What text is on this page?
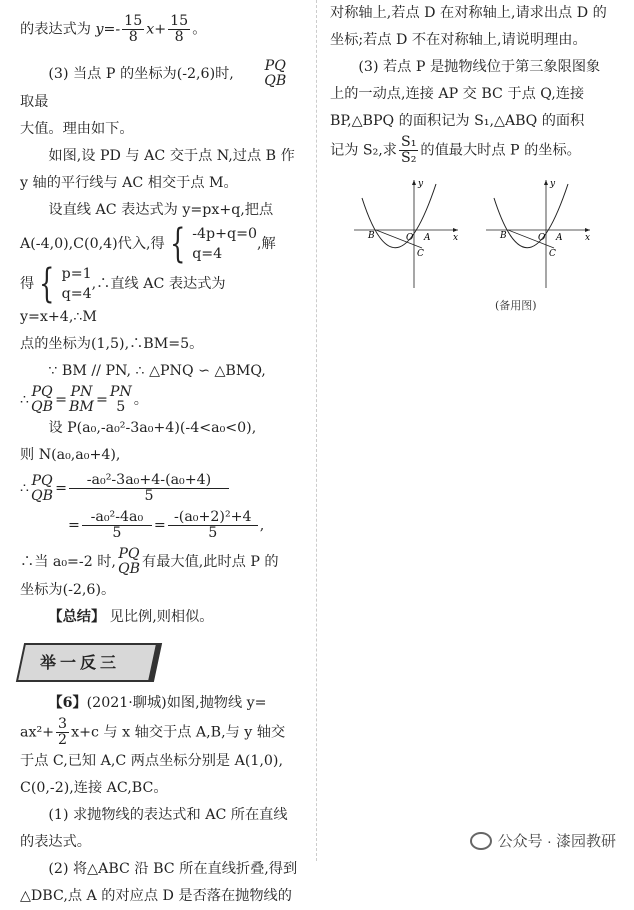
的表达式为 $y=- \frac{15}{8} x+ \frac{15}{8}$ 。

(3) 当点 P 的坐标为(-2,6)时,	PQ
QB
取最

大值。理由如下。

如图,设 PD 与 AC 交于点 N,过点 B 作

y 轴的平行线与 AC 相交于点 M。

设直线 AC 表达式为 y=px+q,把点

A(-4,0),C(0,4)代入,得 { -4p+q=0
q=4
,解

得 { p=1
q=4
,∴直线 AC 表达式为 y=x+4,∴M

点的坐标为(1,5),∴BM=5。

∵ BM // PN, ∴ △PNQ ∽ △BMQ,

∴ PQ
QB = PN
BM = PN
5 。

设 P(a₀,-a₀²-3a₀+4)(-4<a₀<0),

则 N(a₀,a₀+4),

∴ PQ
QB = $\frac{\text{-a₀²-3a₀+4-(a₀+4)}}{5}$

= $\frac{\text{-a₀²-4a₀}}{5} = \frac{\text{-(a₀+2)²+4}}{5}$ ,

∴当 a₀=-2 时, PQ
QB 有最大值,此时点 P 的

坐标为(-2,6)。

【总结】 见比例,则相似。

举一反三

【6】(2021·聊城)如图,抛物线 y=

$ax^2+ \frac{3}{2} x+c$ 与 x 轴交于点 A,B,与 y 轴交

于点 C,已知 A,C 两点坐标分别是 A(1,0),

C(0,-2),连接 AC,BC。

(1) 求抛物线的表达式和 AC 所在直线

的表达式。

(2) 将△ABC 沿 BC 所在直线折叠,得到

△DBC,点 A 的对应点 D 是否落在抛物线的

对称轴上,若点 D 在对称轴上,请求出点 D 的

坐标;若点 D 不在对称轴上,请说明理由。

(3) 若点 P 是抛物线位于第三象限图象

上的一动点,连接 AP 交 BC 于点 Q,连接

BP,△BPQ 的面积记为 S₁,△ABQ 的面积

记为 S₂,求 $\frac{\text{S₁}}{\text{S₂}}$ 的值最大时点 P 的坐标。

y
x
B	O A
C
y
x
B	O A
C
(备用图)
公众号 · 漆园教研
